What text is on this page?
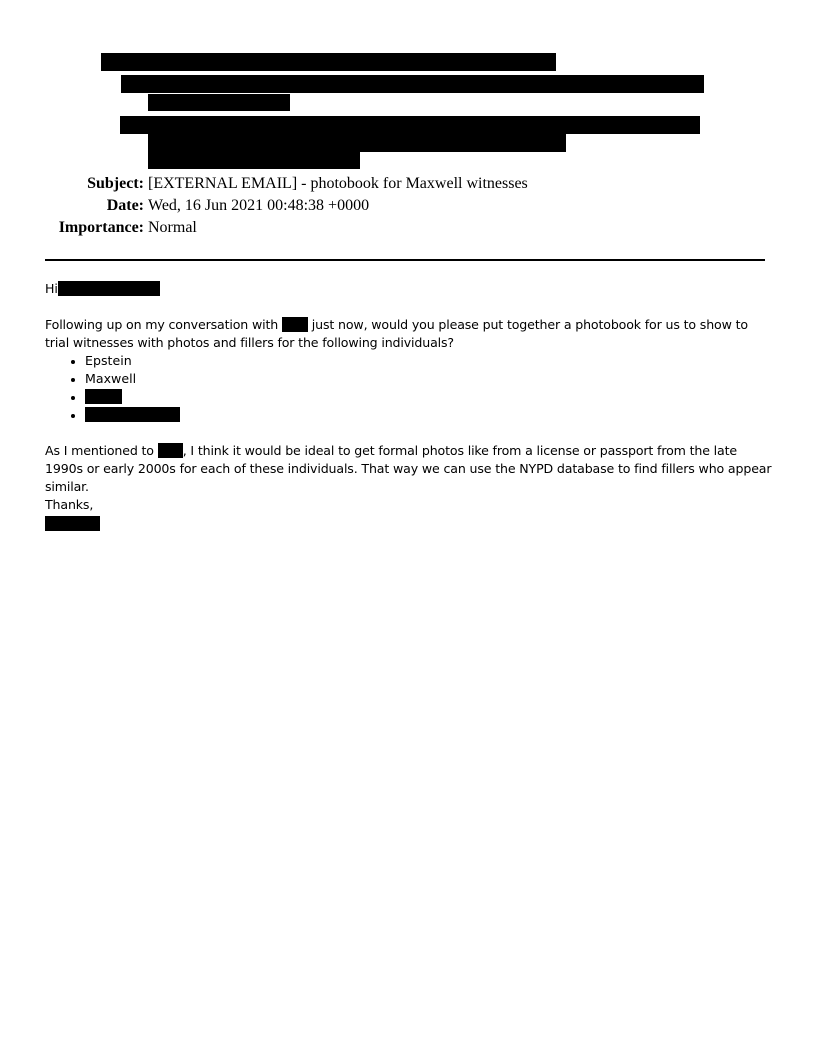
Subject: [EXTERNAL EMAIL] - photobook for Maxwell witnesses
Date: Wed, 16 Jun 2021 00:48:38 +0000
Importance: Normal
Hi
Following up on my conversation with  just now, would you please put together a photobook for us to show to trial witnesses with photos and fillers for the following individuals?
Epstein
Maxwell
As I mentioned to , I think it would be ideal to get formal photos like from a license or passport from the late 1990s or early 2000s for each of these individuals. That way we can use the NYPD database to find fillers who appear similar.
Thanks,
